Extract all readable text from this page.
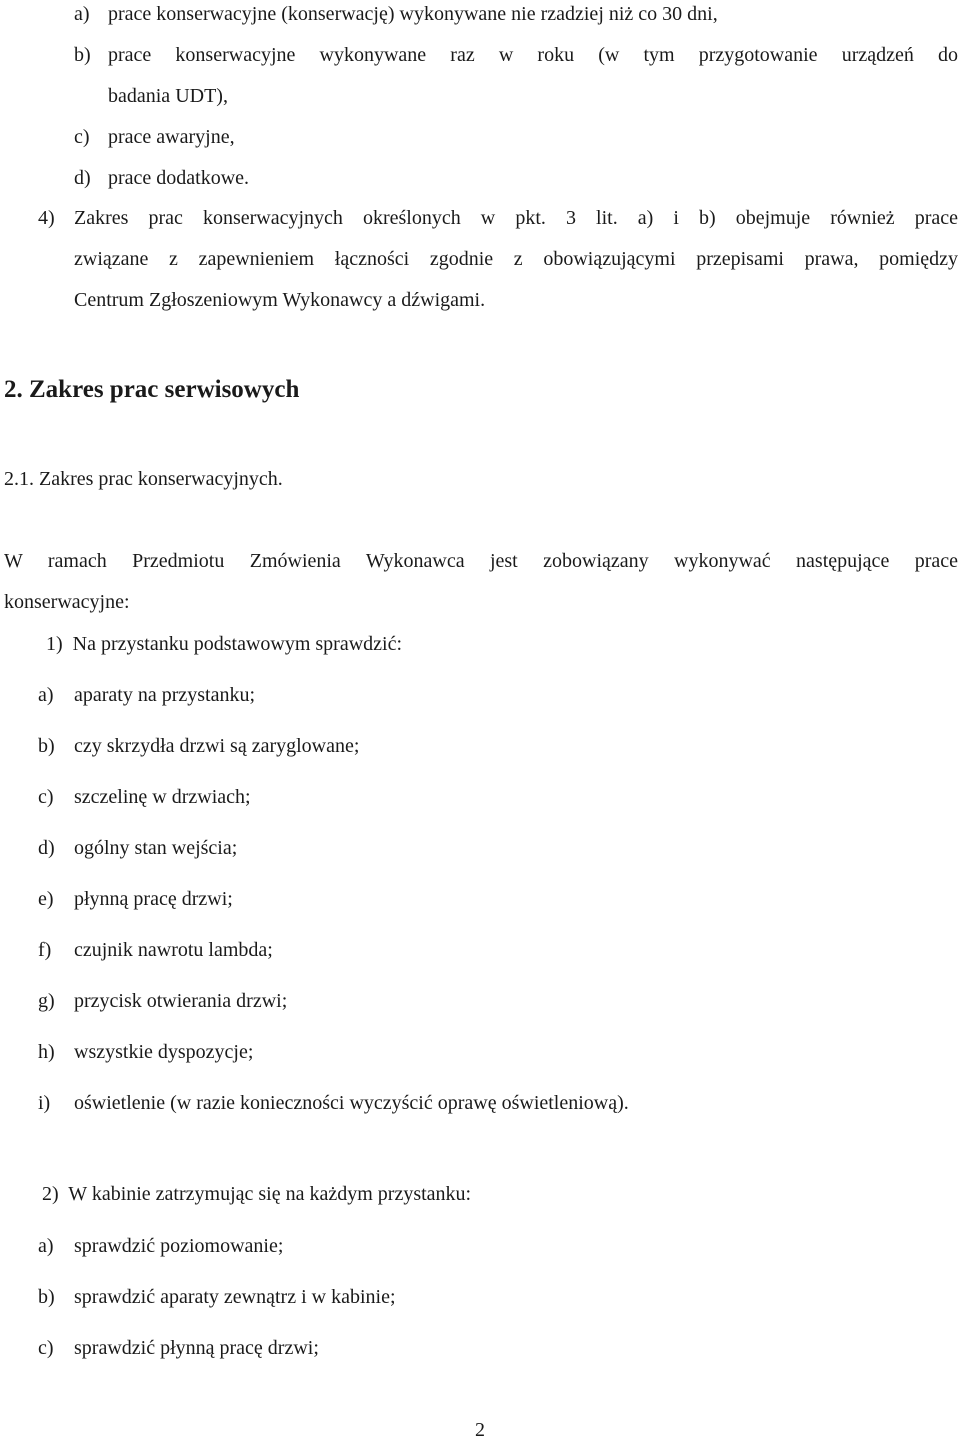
a) prace konserwacyjne (konserwację) wykonywane nie rzadziej niż co 30 dni,
b) prace konserwacyjne wykonywane raz w roku (w tym przygotowanie urządzeń do
badania UDT),
c) prace awaryjne,
d) prace dodatkowe.
4) Zakres prac konserwacyjnych określonych w pkt. 3 lit. a) i b) obejmuje również prace
związane z zapewnieniem łączności zgodnie z obowiązującymi przepisami prawa, pomiędzy
Centrum Zgłoszeniowym Wykonawcy a dźwigami.
2. Zakres prac serwisowych
2.1. Zakres prac konserwacyjnych.
W ramach Przedmiotu Zmówienia Wykonawca jest zobowiązany wykonywać następujące prace
konserwacyjne:
1)  Na przystanku podstawowym sprawdzić:
a) aparaty na przystanku;
b) czy skrzydła drzwi są zaryglowane;
c) szczelinę w drzwiach;
d) ogólny stan wejścia;
e) płynną pracę drzwi;
f) czujnik nawrotu lambda;
g) przycisk otwierania drzwi;
h) wszystkie dyspozycje;
i) oświetlenie (w razie konieczności wyczyścić oprawę oświetleniową).
2)  W kabinie zatrzymując się na każdym przystanku:
a) sprawdzić poziomowanie;
b) sprawdzić aparaty zewnątrz i w kabinie;
c) sprawdzić płynną pracę drzwi;
2
